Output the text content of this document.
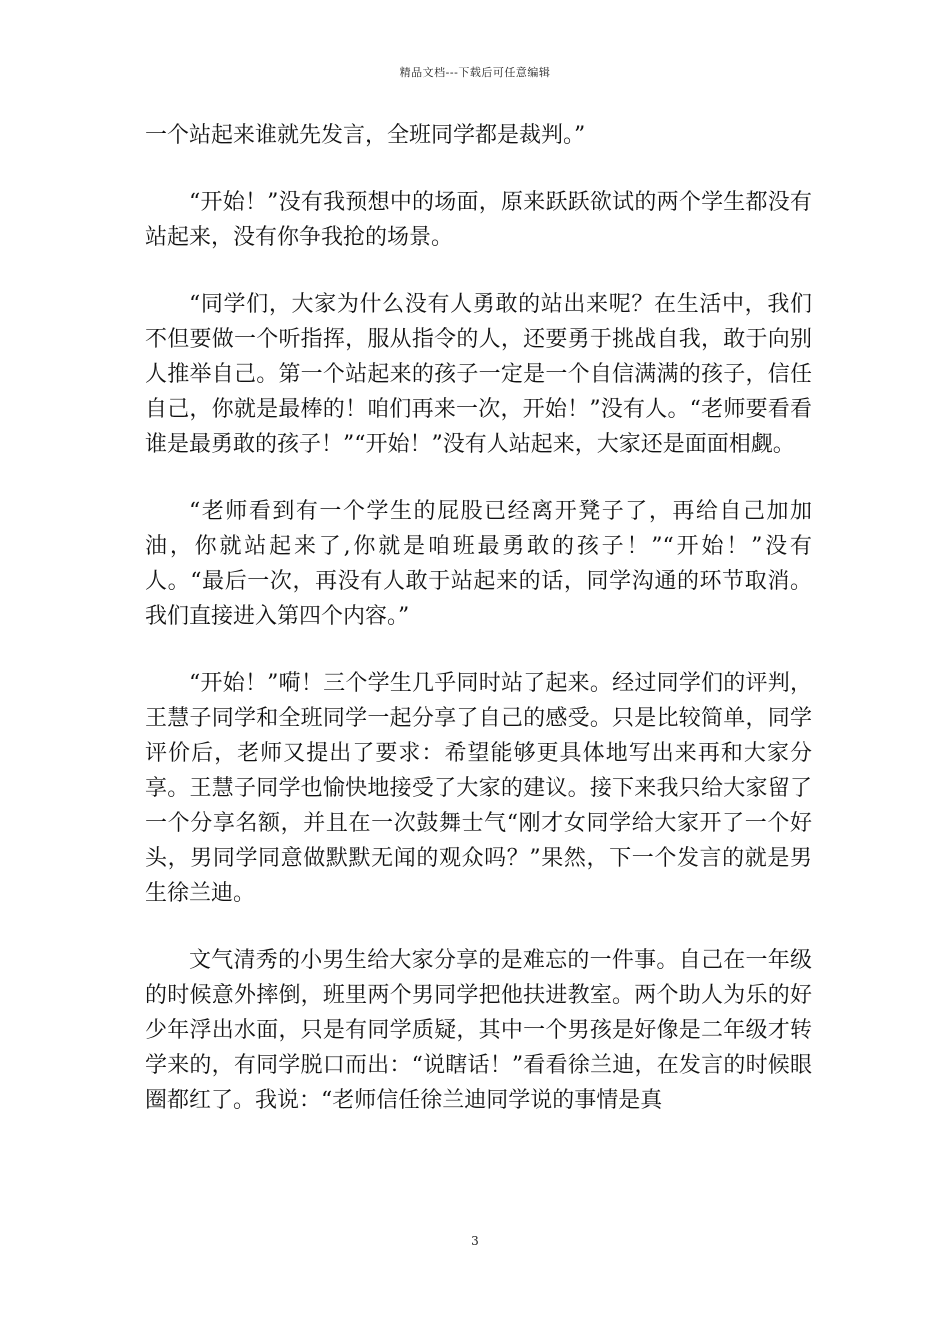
精品文档---下载后可任意编辑

一个站起来谁就先发言，全班同学都是裁判。”

“开始！”没有我预想中的场面，原来跃跃欲试的两个学生都没有站起来，没有你争我抢的场景。

“同学们，大家为什么没有人勇敢的站出来呢？在生活中，我们不但要做一个听指挥，服从指令的人，还要勇于挑战自我，敢于向别人推举自己。第一个站起来的孩子一定是一个自信满满的孩子，信任自己，你就是最棒的！咱们再来一次，开始！”没有人。“老师要看看谁是最勇敢的孩子！”“开始！”没有人站起来，大家还是面面相觑。

“老师看到有一个学生的屁股已经离开凳子了，再给自己加加油，你就站起来了,你就是咱班最勇敢的孩子！”“开始！”没有人。“最后一次，再没有人敢于站起来的话，同学沟通的环节取消。我们直接进入第四个内容。”

“开始！”嗬！三个学生几乎同时站了起来。经过同学们的评判，王慧子同学和全班同学一起分享了自己的感受。只是比较简单，同学评价后，老师又提出了要求：希望能够更具体地写出来再和大家分享。王慧子同学也愉快地接受了大家的建议。接下来我只给大家留了一个分享名额，并且在一次鼓舞士气“刚才女同学给大家开了一个好头，男同学同意做默默无闻的观众吗？”果然，下一个发言的就是男生徐兰迪。

文气清秀的小男生给大家分享的是难忘的一件事。自己在一年级的时候意外摔倒，班里两个男同学把他扶进教室。两个助人为乐的好少年浮出水面，只是有同学质疑，其中一个男孩是好像是二年级才转学来的，有同学脱口而出：“说瞎话！”看看徐兰迪，在发言的时候眼圈都红了。我说：“老师信任徐兰迪同学说的事情是真

3
